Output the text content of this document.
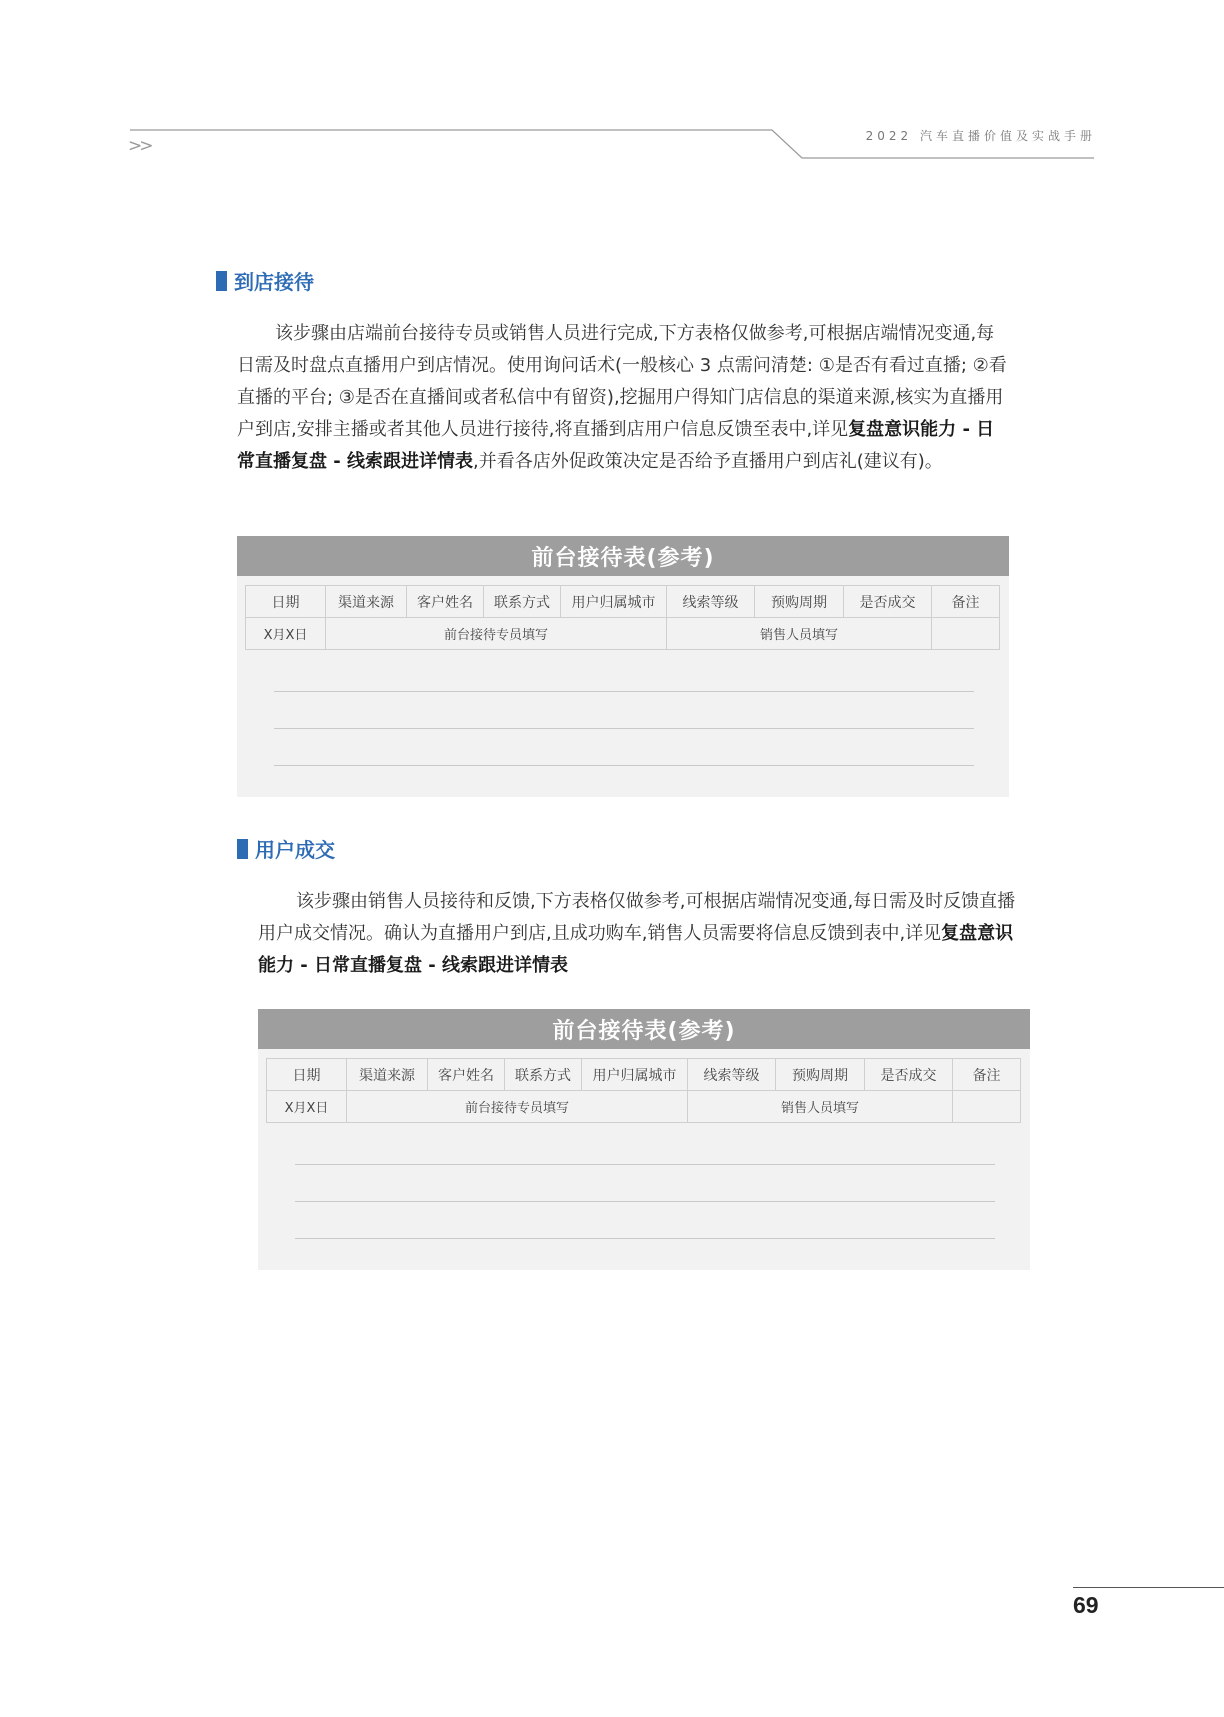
>>	2022 汽车直播价值及实战手册
到店接待

该步骤由店端前台接待专员或销售人员进行完成,下方表格仅做参考,可根据店端情况变通,每日需及时盘点直播用户到店情况。使用询问话术(一般核心 3 点需问清楚: ①是否有看过直播; ②看直播的平台; ③是否在直播间或者私信中有留资),挖掘用户得知门店信息的渠道来源,核实为直播用户到店,安排主播或者其他人员进行接待,将直播到店用户信息反馈至表中,详见复盘意识能力 - 日常直播复盘 - 线索跟进详情表,并看各店外促政策决定是否给予直播用户到店礼(建议有)。

前台接待表(参考)
日期	渠道来源	客户姓名	联系方式	用户归属城市	线索等级	预购周期	是否成交	备注
X月X日	前台接待专员填写				销售人员填写			
用户成交

该步骤由销售人员接待和反馈,下方表格仅做参考,可根据店端情况变通,每日需及时反馈直播用户成交情况。确认为直播用户到店,且成功购车,销售人员需要将信息反馈到表中,详见复盘意识能力 - 日常直播复盘 - 线索跟进详情表

前台接待表(参考)
日期	渠道来源	客户姓名	联系方式	用户归属城市	线索等级	预购周期	是否成交	备注
X月X日	前台接待专员填写				销售人员填写			
69
